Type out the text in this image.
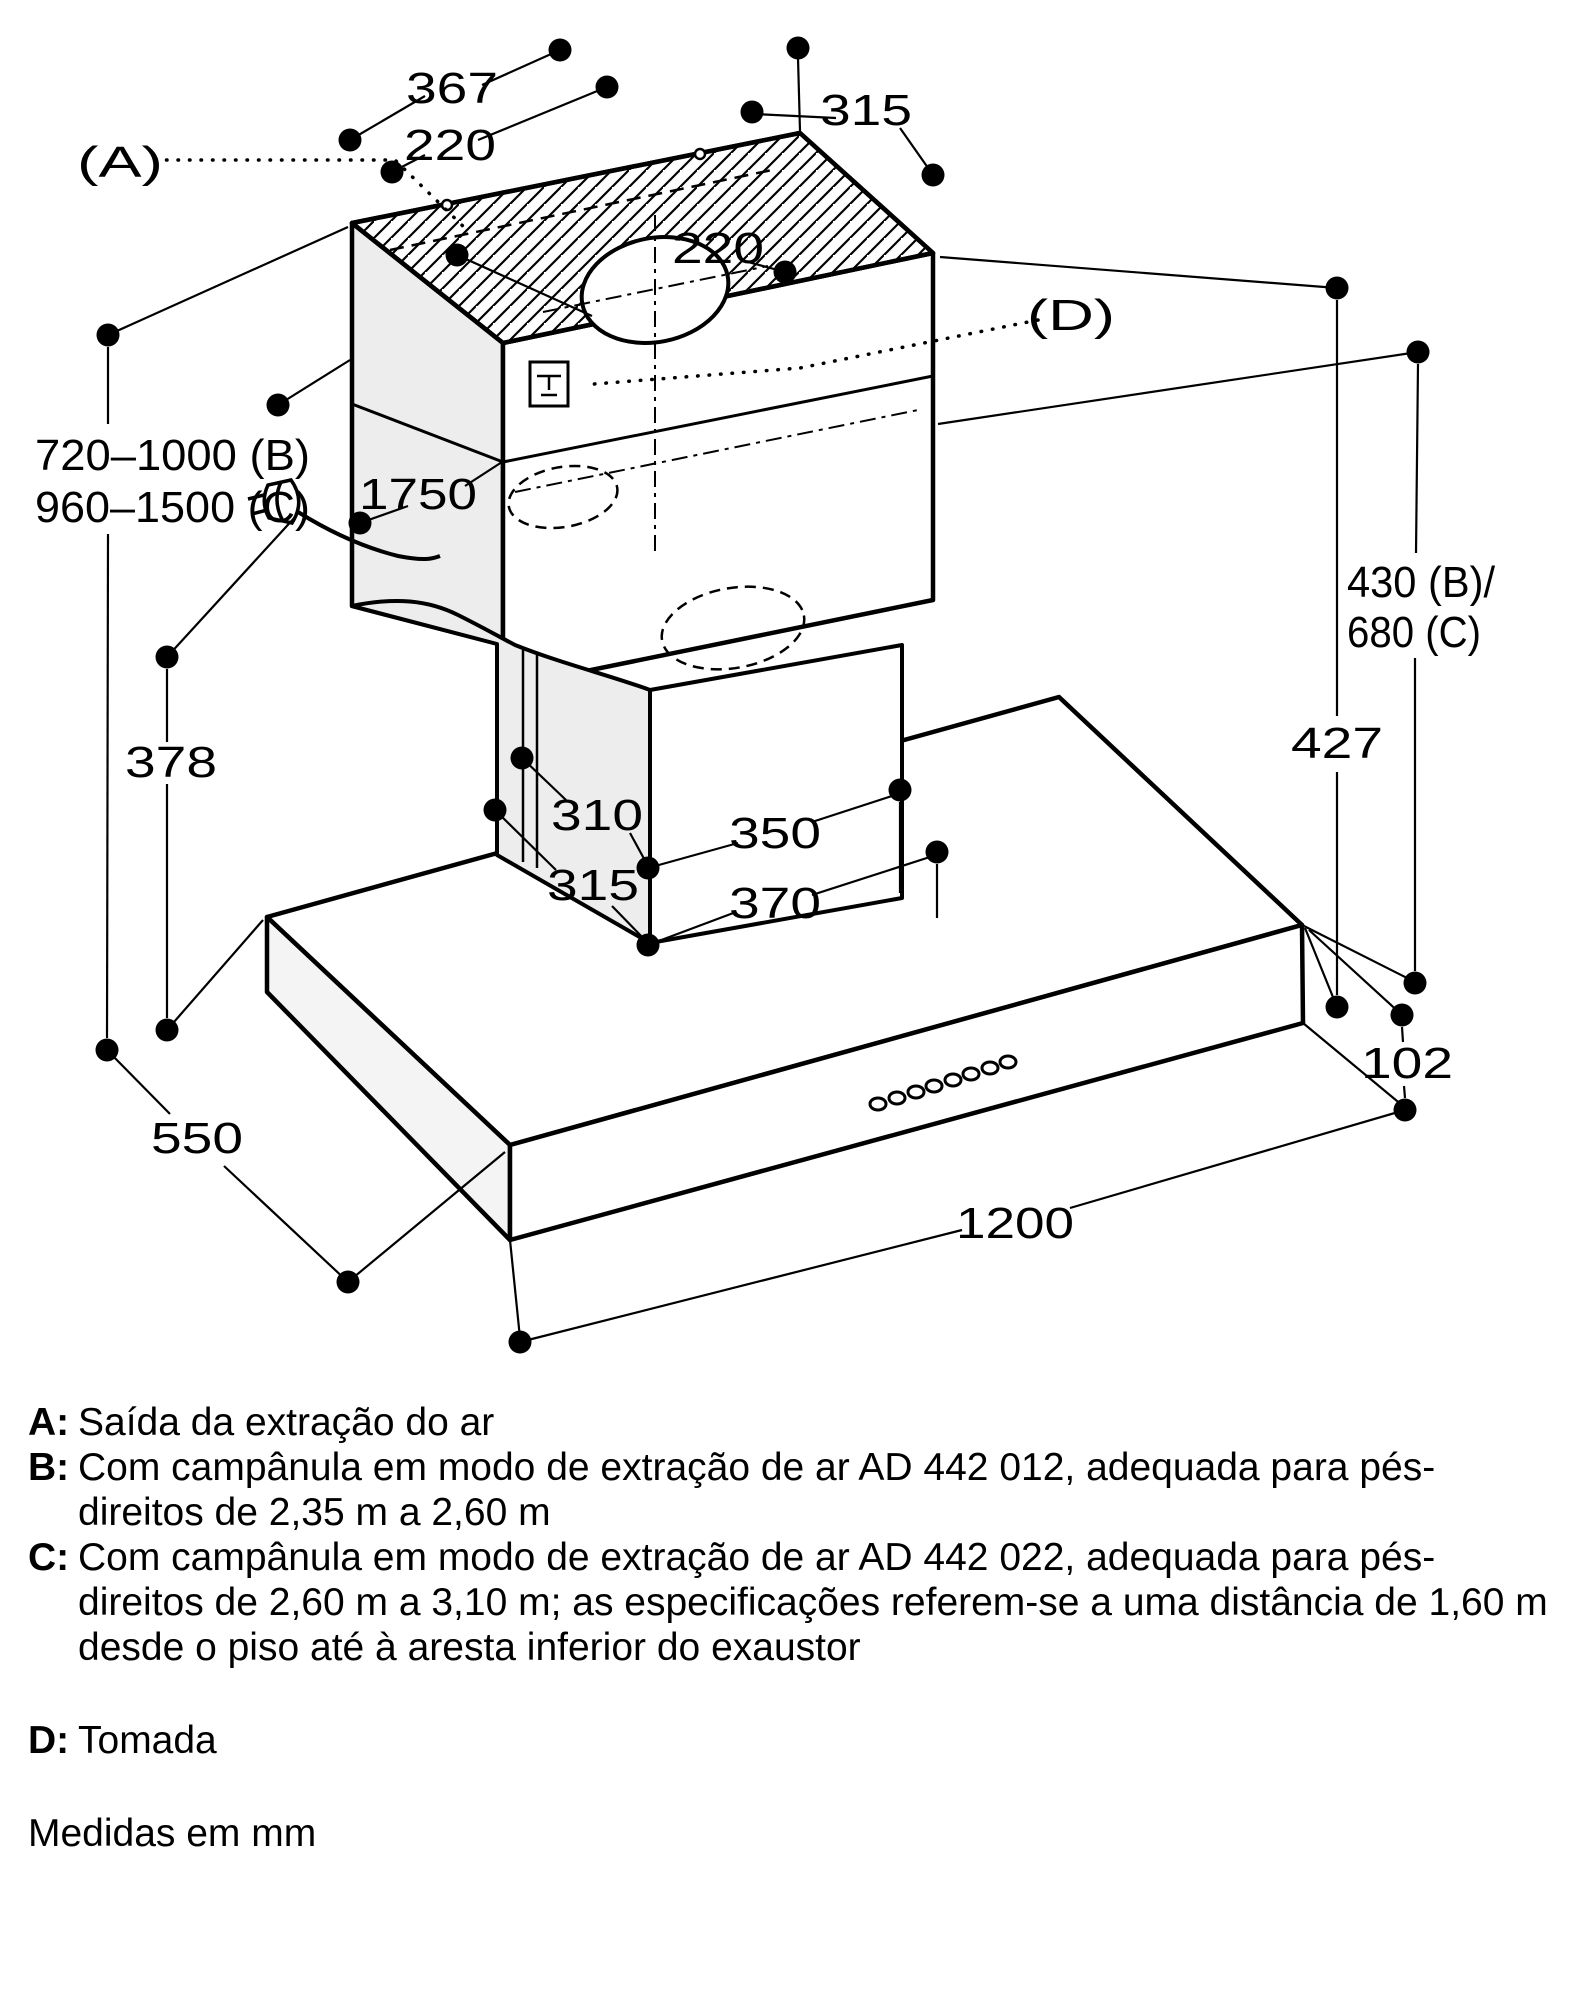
367
220
315
220
(A)
(D)
720–1000 (B)
960–1500 (C) 1750
378
310
315
350
370
430 (B)/
680 (C)
427
102
550
1200
A: Saída da extração do ar
B: Com campânula em modo de extração de ar AD 442 012, adequada para pés-direitos de 2,35 m a 2,60 m
C: Com campânula em modo de extração de ar AD 442 022, adequada para pés-direitos de 2,60 m a 3,10 m; as especificações referem-se a uma distância de 1,60 m desde o piso até à aresta inferior do exaustor
D: Tomada
Medidas em mm
